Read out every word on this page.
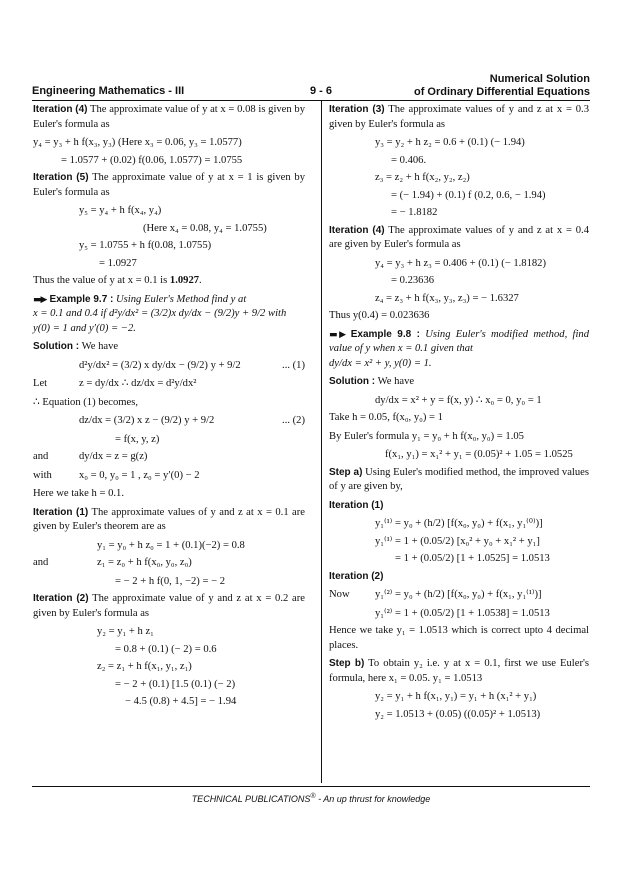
Engineering Mathematics - III	9 - 6
Numerical Solution
of Ordinary Differential Equations

Iteration (4) The approximate value of y at x = 0.08 is given by Euler's formula as

y₄ = y₃ + h f(x₃, y₃) (Here x₃ = 0.06, y₃ = 1.0577)
= 1.0577 + (0.02) f(0.06, 1.0577) = 1.0755

Iteration (5) The approximate value of y at x = 1 is given by Euler's formula as

y₅ = y₄ + h f(x₄, y₄)
(Here x₄ = 0.08, y₄ = 1.0755)
y₅ = 1.0755 + h f(0.08, 1.0755)
= 1.0927

Thus the value of y at x = 0.1 is 1.0927.

▬▶ Example 9.7 : Using Euler's Method find y at
x = 0.1 and 0.4 if d²y/dx² = (3/2)x dy/dx − (9/2)y + 9/2 with
y(0) = 1 and y′(0) = −2.

Solution : We have

d²y/dx² = (3/2) x dy/dx − (9/2) y + 9/2	... (1)
Let	z = dy/dx ∴ dz/dx = d²y/dx²

∴ Equation (1) becomes,

dz/dx = (3/2) x z − (9/2) y + 9/2	... (2)
= f(x, y, z)
and	dy/dx = z = g(z)
with	x₀ = 0, y₀ = 1 , z₀ = y′(0) − 2

Here we take h = 0.1.

Iteration (1) The approximate values of y and z at x = 0.1 are given by Euler's theorem are as

y₁ = y₀ + h z₀ = 1 + (0.1)(−2) = 0.8
and	z₁ = z₀ + h f(x₀, y₀, z₀)
= − 2 + h f(0, 1, −2) = − 2

Iteration (2) The approximate value of y and z at x = 0.2 are given by Euler's formula as

y₂ = y₁ + h z₁
= 0.8 + (0.1) (− 2) = 0.6
z₂ = z₁ + h f(x₁, y₁, z₁)
= − 2 + (0.1) [1.5 (0.1) (− 2)
− 4.5 (0.8) + 4.5] = − 1.94

Iteration (3) The approximate values of y and z at x = 0.3 given by Euler's formula as

y₃ = y₂ + h z₂ = 0.6 + (0.1) (− 1.94)
= 0.406.
z₃ = z₂ + h f(x₂, y₂, z₂)
= (− 1.94) + (0.1) f (0.2, 0.6, − 1.94)
= − 1.8182

Iteration (4) The approximate values of y and z at x = 0.4 are given by Euler's formula as

y₄ = y₃ + h z₃ = 0.406 + (0.1) (− 1.8182)
= 0.23636
z₄ = z₃ + h f(x₃, y₃, z₃) = − 1.6327

Thus y(0.4) = 0.023636

▬▶ Example 9.8 : Using Euler's modified method, find value of y when x = 0.1 given that
dy/dx = x² + y, y(0) = 1.

Solution : We have

dy/dx = x² + y = f(x, y) ∴ x₀ = 0, y₀ = 1

Take h = 0.05, f(x₀, y₀) = 1

By Euler's formula y₁ = y₀ + h f(x₀, y₀) = 1.05

f(x₁, y₁) = x₁² + y₁ = (0.05)² + 1.05 = 1.0525

Step a) Using Euler's modified method, the improved values of y are given by,

Iteration (1)

y₁⁽¹⁾ = y₀ + (h/2) [f(x₀, y₀) + f(x₁, y₁⁽⁰⁾)]
y₁⁽¹⁾ = 1 + (0.05/2) [x₀² + y₀ + x₁² + y₁]
= 1 + (0.05/2) [1 + 1.0525] = 1.0513

Iteration (2)

Now	y₁⁽²⁾ = y₀ + (h/2) [f(x₀, y₀) + f(x₁, y₁⁽¹⁾)]
y₁⁽²⁾ = 1 + (0.05/2) [1 + 1.0538] = 1.0513

Hence we take y₁ = 1.0513 which is correct upto 4 decimal places.

Step b) To obtain y₂ i.e. y at x = 0.1, first we use Euler's formula, here x₁ = 0.05. y₁ = 1.0513

y₂ = y₁ + h f(x₁, y₁) = y₁ + h (x₁² + y₁)
y₂ = 1.0513 + (0.05) ((0.05)² + 1.0513)
TECHNICAL PUBLICATIONS® - An up thrust for knowledge
